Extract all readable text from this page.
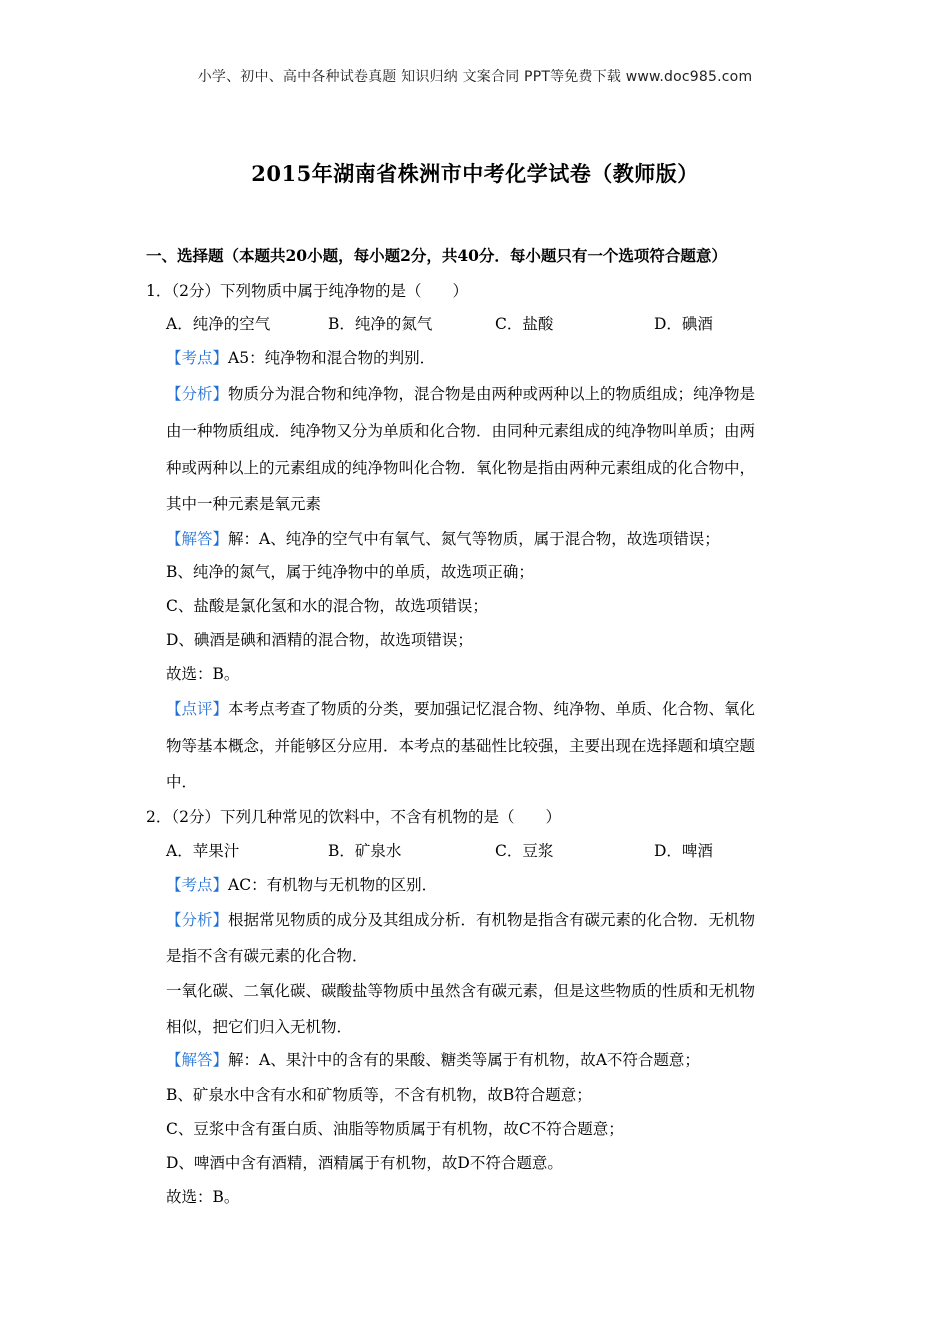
小学、初中、高中各种试卷真题 知识归纳 文案合同 PPT等免费下载 www.doc985.com
2015年湖南省株洲市中考化学试卷（教师版）
一、选择题（本题共20小题，每小题2分，共40分．每小题只有一个选项符合题意）
1．（2分）下列物质中属于纯净物的是（　　）
A．纯净的空气	B．纯净的氮气	C．盐酸	D．碘酒
【考点】A5：纯净物和混合物的判别．
【分析】物质分为混合物和纯净物，混合物是由两种或两种以上的物质组成；纯净物是
由一种物质组成．纯净物又分为单质和化合物．由同种元素组成的纯净物叫单质；由两
种或两种以上的元素组成的纯净物叫化合物．氧化物是指由两种元素组成的化合物中，
其中一种元素是氧元素
【解答】解：A、纯净的空气中有氧气、氮气等物质，属于混合物，故选项错误；
B、纯净的氮气，属于纯净物中的单质，故选项正确；
C、盐酸是氯化氢和水的混合物，故选项错误；
D、碘酒是碘和酒精的混合物，故选项错误；
故选：B。
【点评】本考点考查了物质的分类，要加强记忆混合物、纯净物、单质、化合物、氧化
物等基本概念，并能够区分应用．本考点的基础性比较强，主要出现在选择题和填空题
中．
2．（2分）下列几种常见的饮料中，不含有机物的是（　　）
A．苹果汁	B．矿泉水	C．豆浆	D．啤酒
【考点】AC：有机物与无机物的区别．
【分析】根据常见物质的成分及其组成分析．有机物是指含有碳元素的化合物．无机物
是指不含有碳元素的化合物．
一氧化碳、二氧化碳、碳酸盐等物质中虽然含有碳元素，但是这些物质的性质和无机物
相似，把它们归入无机物．
【解答】解：A、果汁中的含有的果酸、糖类等属于有机物，故A不符合题意；
B、矿泉水中含有水和矿物质等，不含有机物，故B符合题意；
C、豆浆中含有蛋白质、油脂等物质属于有机物，故C不符合题意；
D、啤酒中含有酒精，酒精属于有机物，故D不符合题意。
故选：B。
